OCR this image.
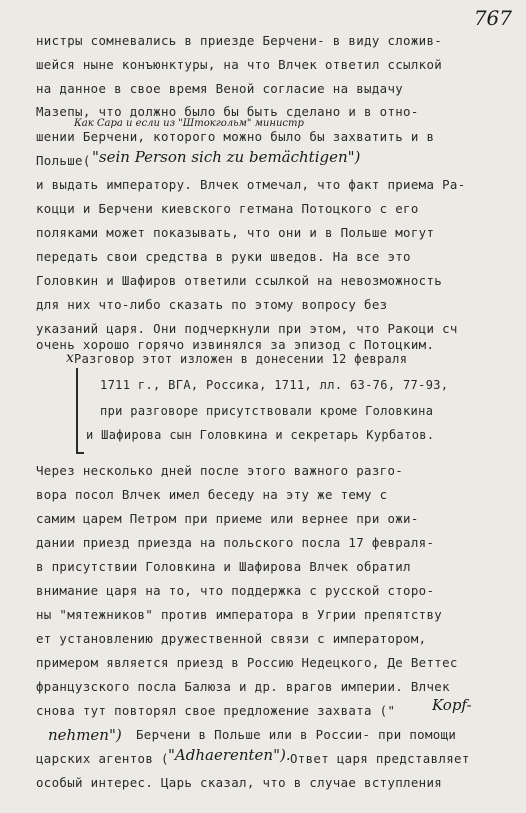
767
нистры сомневались в приезде Берчени- в виду сложив-
шейся ныне конъюнктуры, на что Влчек ответил ссылкой
на данное в свое время Веной согласие на выдачу
Мазепы, что должно было бы быть сделано и в отно-
Как Сара и если из "Штокгольм" министр
шении Берчени, которого можно было бы захватить и в
Польше( "sein Person sich zu bemächtigen")
и выдать императору. Влчек отмечал, что факт приема Ра-
коцци и Берчени киевского гетмана Потоцкого с его
поляками может показывать, что они и в Польше могут
передать свои средства в руки шведов. На все это
Головкин и Шафиров ответили ссылкой на невозможность
для них что-либо сказать по этому вопросу без
указаний царя. Они подчеркнули при этом, что Ракоци сч
очень хорошо горячо извинялся за эпизод с Потоцким.
x Разговор этот изложен в донесении 12 февраля
1711 г., ВГА, Россика, 1711, лл. 63-76, 77-93,
при разговоре присутствовали кроме Головкина
и Шафирова сын Головкина и секретарь Курбатов.
Через несколько дней после этого важного разго-
вора посол Влчек имел беседу на эту же тему с
самим царем Петром при приеме или вернее при ожи-
дании приезд приезда на польского посла 17 февраля-
в присутствии Головкина и Шафирова Влчек обратил
внимание царя на то, что поддержка с русской сторо-
ны "мятежников" против императора в Угрии препятству
ет установлению дружественной связи с императором,
примером является приезд в Россию Недецкого, Де Веттес
французского посла Балюза и др. врагов империи. Влчек
снова тут повторял свое предложение захвата (" Kopf-
nehmen") Берчени в Польше или в России- при помощи
царских агентов ( "Adhaerenten"). Ответ царя представляет
особый интерес. Царь сказал, что в случае вступления
